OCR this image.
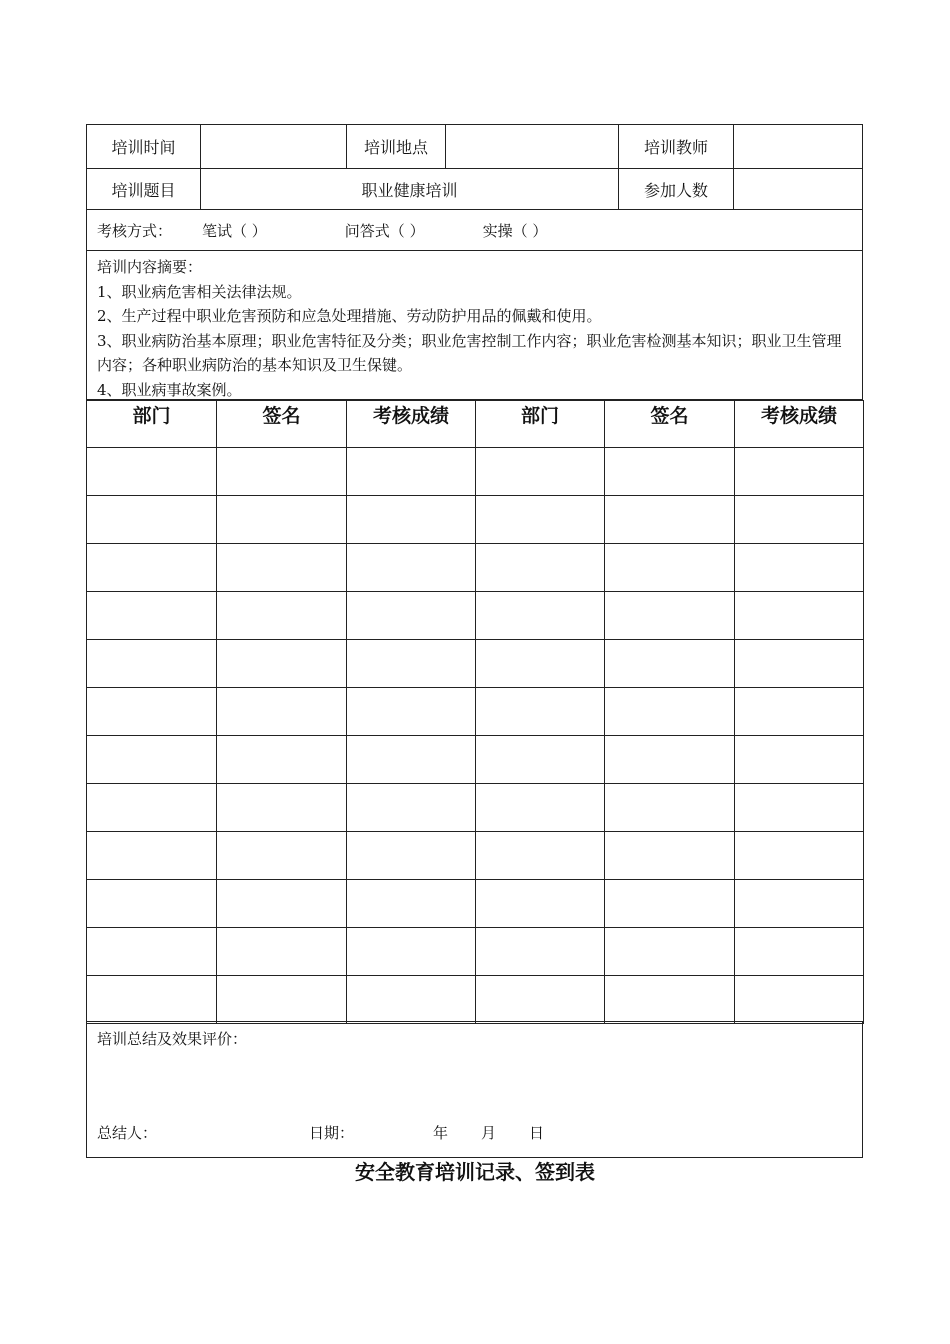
培训时间	培训地点	培训教师
培训题目	职业健康培训	参加人数
考核方式： 笔试（ ）	问答式（ ）	实操（ ）
培训内容摘要：
1、职业病危害相关法律法规。
2、生产过程中职业危害预防和应急处理措施、劳动防护用品的佩戴和使用。
3、职业病防治基本原理；职业危害特征及分类；职业危害控制工作内容；职业危害检测基本知识；职业卫生管理内容；各种职业病防治的基本知识及卫生保键。
4、职业病事故案例。
部门	签名	考核成绩	部门	签名	考核成绩

培训总结及效果评价：
总结人：	日期：	年 月 日
安全教育培训记录、签到表
